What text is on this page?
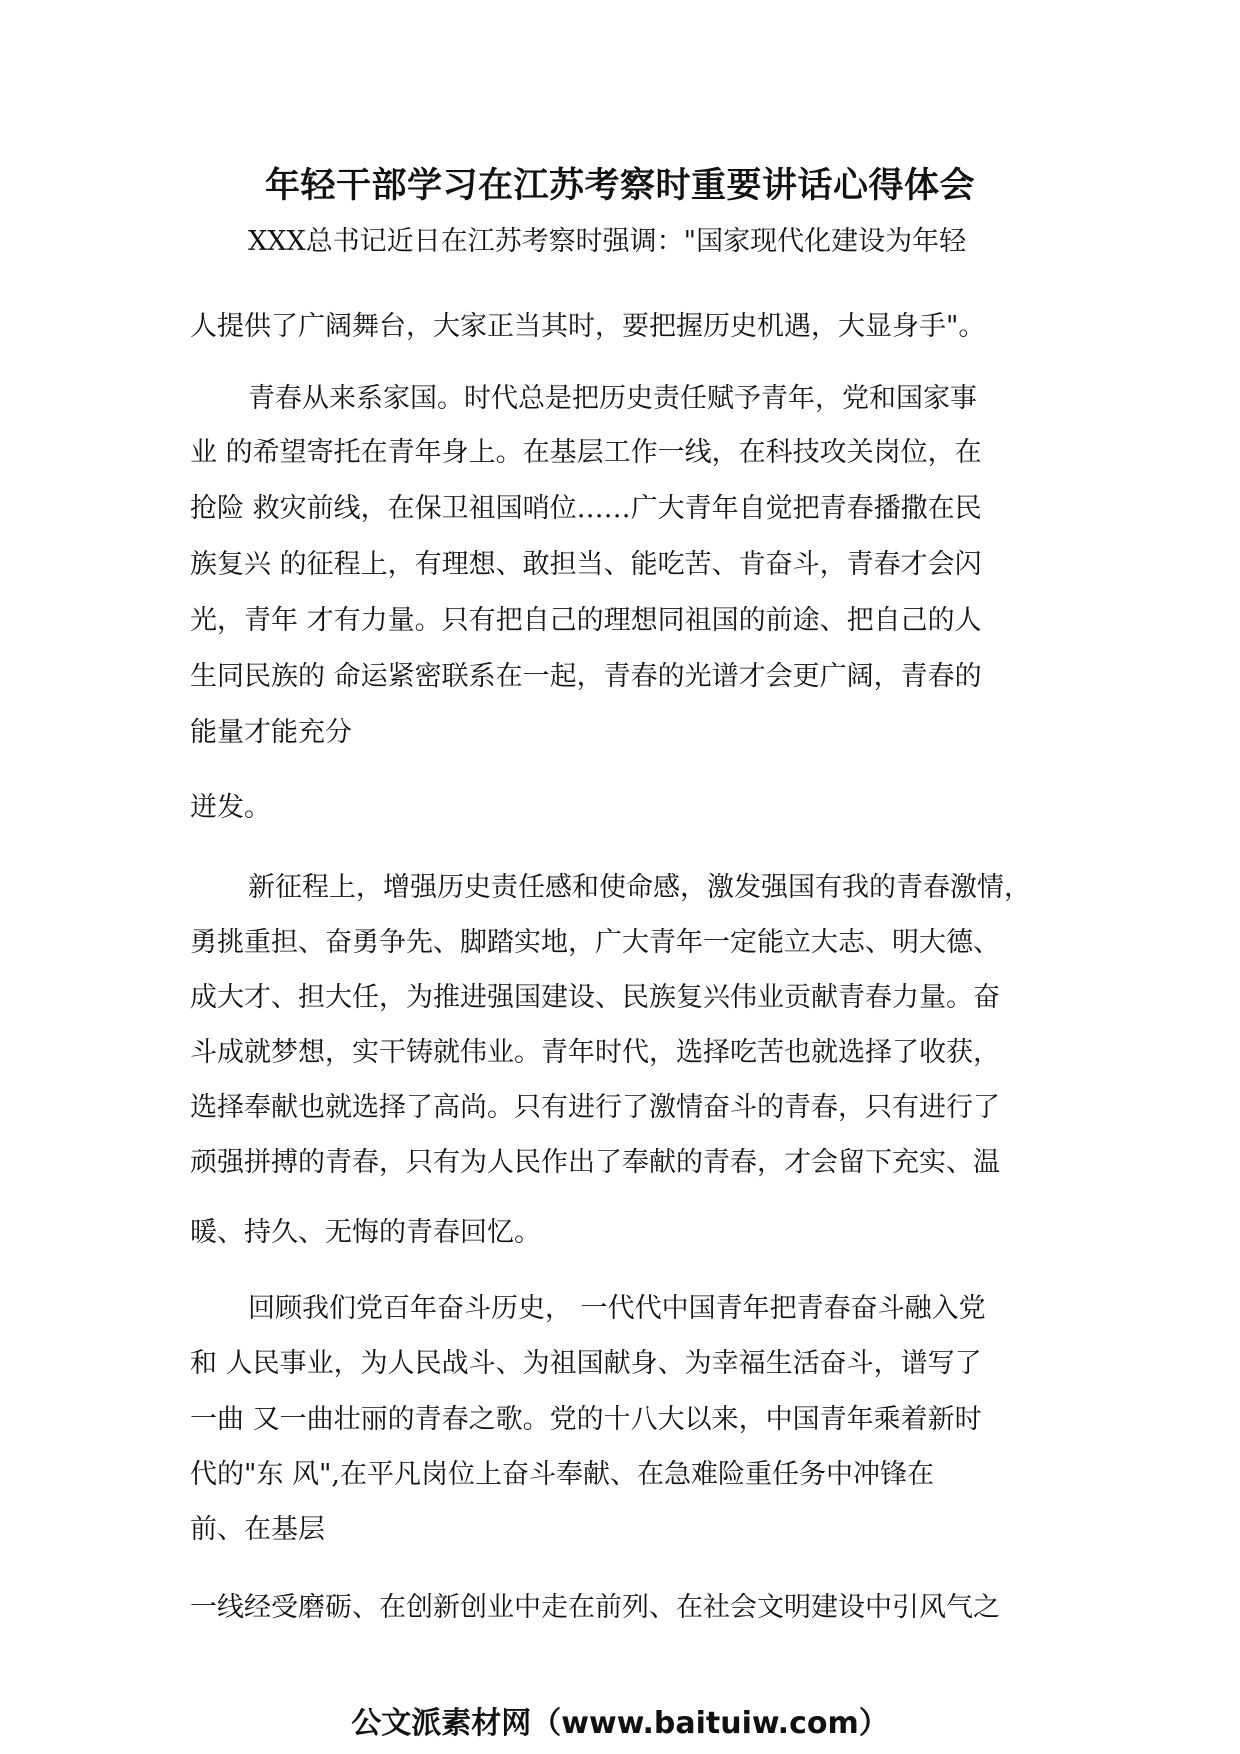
年轻干部学习在江苏考察时重要讲话心得体会
XXX总书记近日在江苏考察时强调："国家现代化建设为年轻
人提供了广阔舞台，大家正当其时，要把握历史机遇，大显身手"。
青春从来系家国。时代总是把历史责任赋予青年，党和国家事
业 的希望寄托在青年身上。在基层工作一线，在科技攻关岗位，在
抢险 救灾前线，在保卫祖国哨位……广大青年自觉把青春播撒在民
族复兴 的征程上，有理想、敢担当、能吃苦、肯奋斗，青春才会闪
光，青年 才有力量。只有把自己的理想同祖国的前途、把自己的人
生同民族的 命运紧密联系在一起，青春的光谱才会更广阔，青春的
能量才能充分
迸发。
新征程上，增强历史责任感和使命感，激发强国有我的青春激情，
勇挑重担、奋勇争先、脚踏实地，广大青年一定能立大志、明大德、
成大才、担大任，为推进强国建设、民族复兴伟业贡献青春力量。奋
斗成就梦想，实干铸就伟业。青年时代，选择吃苦也就选择了收获，
选择奉献也就选择了高尚。只有进行了激情奋斗的青春，只有进行了
顽强拼搏的青春，只有为人民作出了奉献的青春，才会留下充实、温
暖、持久、无悔的青春回忆。
回顾我们党百年奋斗历史， 一代代中国青年把青春奋斗融入党
和 人民事业，为人民战斗、为祖国献身、为幸福生活奋斗，谱写了
一曲 又一曲壮丽的青春之歌。党的十八大以来，中国青年乘着新时
代的"东 风",在平凡岗位上奋斗奉献、在急难险重任务中冲锋在
前、在基层
一线经受磨砺、在创新创业中走在前列、在社会文明建设中引风气之
公文派素材网（www.baituiw.com）
